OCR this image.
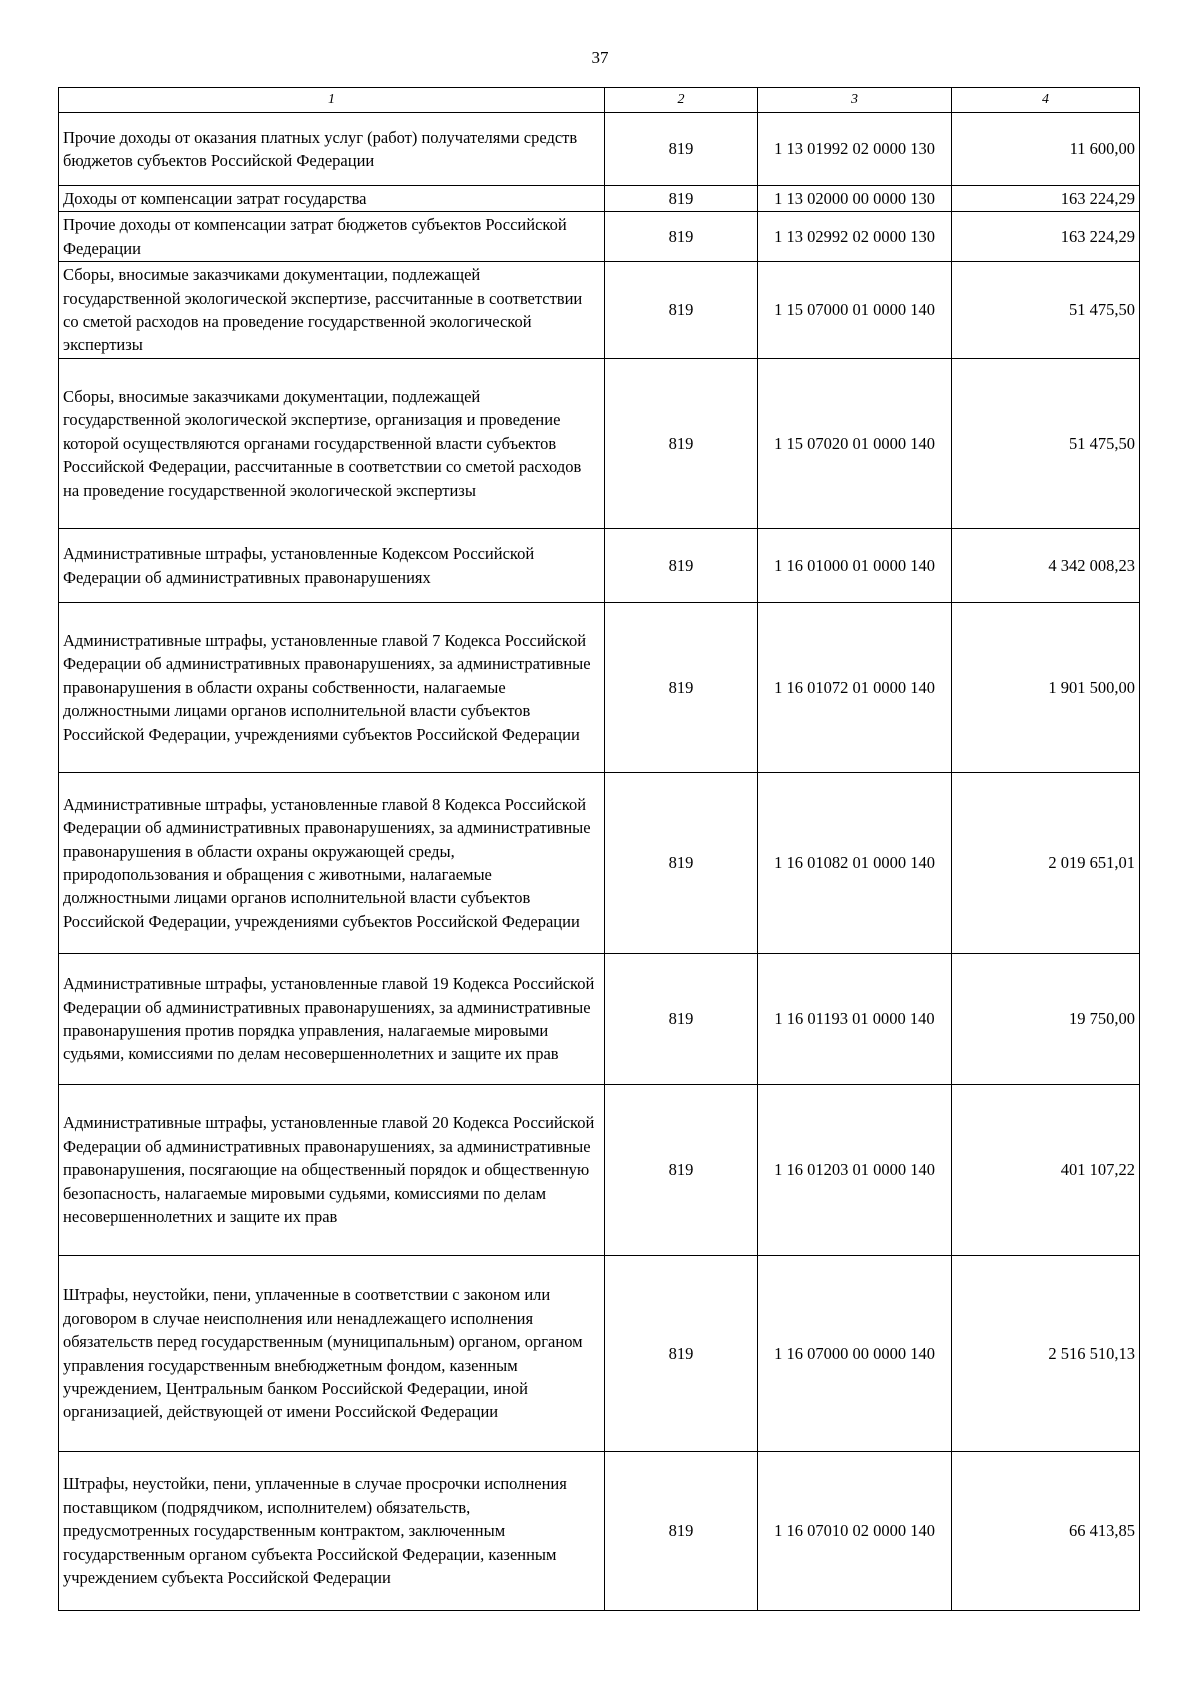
37
1	2	3	4
Прочие доходы от оказания платных услуг (работ) получателями средств бюджетов субъектов Российской Федерации	819	1 13 01992 02 0000 130	11 600,00
Доходы от компенсации затрат государства	819	1 13 02000 00 0000 130	163 224,29
Прочие доходы от компенсации затрат бюджетов субъектов Российской Федерации	819	1 13 02992 02 0000 130	163 224,29
Сборы, вносимые заказчиками документации, подлежащей государственной экологической экспертизе, рассчитанные в соответствии со сметой расходов на проведение государственной экологической экспертизы	819	1 15 07000 01 0000 140	51 475,50
Сборы, вносимые заказчиками документации, подлежащей государственной экологической экспертизе, организация и проведение которой осуществляются органами государственной власти субъектов Российской Федерации, рассчитанные в соответствии со сметой расходов на проведение государственной экологической экспертизы	819	1 15 07020 01 0000 140	51 475,50
Административные штрафы, установленные Кодексом Российской Федерации об административных правонарушениях	819	1 16 01000 01 0000 140	4 342 008,23
Административные штрафы, установленные главой 7 Кодекса Российской Федерации об административных правонарушениях, за административные правонарушения в области охраны собственности, налагаемые должностными лицами органов исполнительной власти субъектов Российской Федерации, учреждениями субъектов Российской Федерации	819	1 16 01072 01 0000 140	1 901 500,00
Административные штрафы, установленные главой 8 Кодекса Российской Федерации об административных правонарушениях, за административные правонарушения в области охраны окружающей среды, природопользования и обращения с животными, налагаемые должностными лицами органов исполнительной власти субъектов Российской Федерации, учреждениями субъектов Российской Федерации	819	1 16 01082 01 0000 140	2 019 651,01
Административные штрафы, установленные главой 19 Кодекса Российской Федерации об административных правонарушениях, за административные правонарушения против порядка управления, налагаемые мировыми судьями, комиссиями по делам несовершеннолетних и защите их прав	819	1 16 01193 01 0000 140	19 750,00
Административные штрафы, установленные главой 20 Кодекса Российской Федерации об административных правонарушениях, за административные правонарушения, посягающие на общественный порядок и общественную безопасность, налагаемые мировыми судьями, комиссиями по делам несовершеннолетних и защите их прав	819	1 16 01203 01 0000 140	401 107,22
Штрафы, неустойки, пени, уплаченные в соответствии с законом или договором в случае неисполнения или ненадлежащего исполнения обязательств перед государственным (муниципальным) органом, органом управления государственным внебюджетным фондом, казенным учреждением, Центральным банком Российской Федерации, иной организацией, действующей от имени Российской Федерации	819	1 16 07000 00 0000 140	2 516 510,13
Штрафы, неустойки, пени, уплаченные в случае просрочки исполнения поставщиком (подрядчиком, исполнителем) обязательств, предусмотренных государственным контрактом, заключенным государственным органом субъекта Российской Федерации, казенным учреждением субъекта Российской Федерации	819	1 16 07010 02 0000 140	66 413,85
